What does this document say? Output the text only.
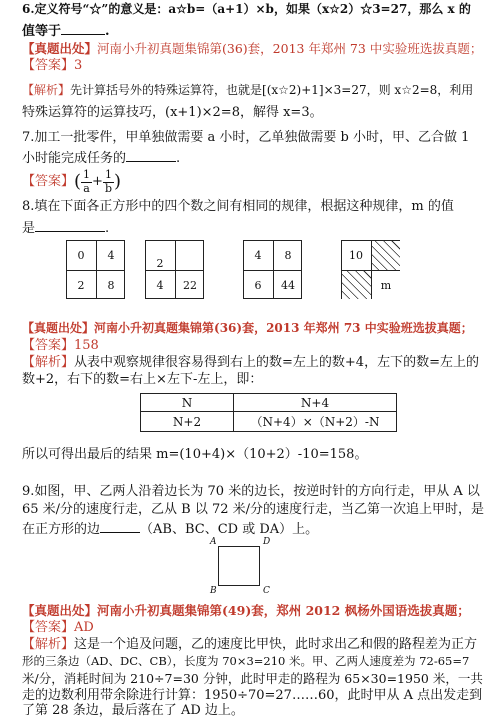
6.定义符号“☆”的意义是：a☆b=（a+1）×b，如果（x☆2）☆3=27，那么 x 的
值等于	.
【真题出处】河南小升初真题集锦第(36)套，2013 年郑州 73 中实验班选拔真题；
【答案】3
【解析】先计算括号外的特殊运算符，也就是[(x☆2)+1]×3=27，则 x☆2=8，利用
特殊运算符的运算技巧，(x+1)×2=8，解得 x=3。
7.加工一批零件，甲单独做需要 a 小时，乙单独做需要 b 小时，甲、乙合做 1
小时能完成任务的	.
【答案】 ( $\frac{1}{a} + \frac{1}{b}$ )
8.填在下面各正方形中的四个数之间有相同的规律，根据这种规律，m 的值
是	.
0	4
2	8
2
4	22
4	8
6	44
10
m
【真题出处】河南小升初真题集锦第(36)套，2013 年郑州 73 中实验班选拔真题；
【答案】158
【解析】从表中观察规律很容易得到右上的数=左上的数+4，左下的数=左上的
数+2，右下的数=右上×左下-左上，即：
N	N+4
N+2	（N+4）×（N+2）-N
所以可得出最后的结果 m=(10+4)×（10+2）-10=158。
9.如图，甲、乙两人沿着边长为 70 米的边长，按逆时针的方向行走，甲从 A 以
65 米/分的速度行走，乙从 B 以 72 米/分的速度行走，当乙第一次追上甲时，是
在正方形的边	（AB、BC、CD 或 DA）上。
A	D
B	C
【真题出处】河南小升初真题集锦第(49)套，郑州 2012 枫杨外国语选拔真题；
【答案】AD
【解析】这是一个追及问题，乙的速度比甲快，此时求出乙和假的路程差为正方
形的三条边（AD、DC、CB），长度为 70×3=210 米。甲、乙两人速度差为 72-65=7
米/分，消耗时间为 210÷7=30 分钟，此时甲走的路程为 65×30=1950 米，一共
走的边数利用带余除进行计算：1950÷70=27……60，此时甲从 A 点出发走到
了第 28 条边，最后落在了 AD 边上。
